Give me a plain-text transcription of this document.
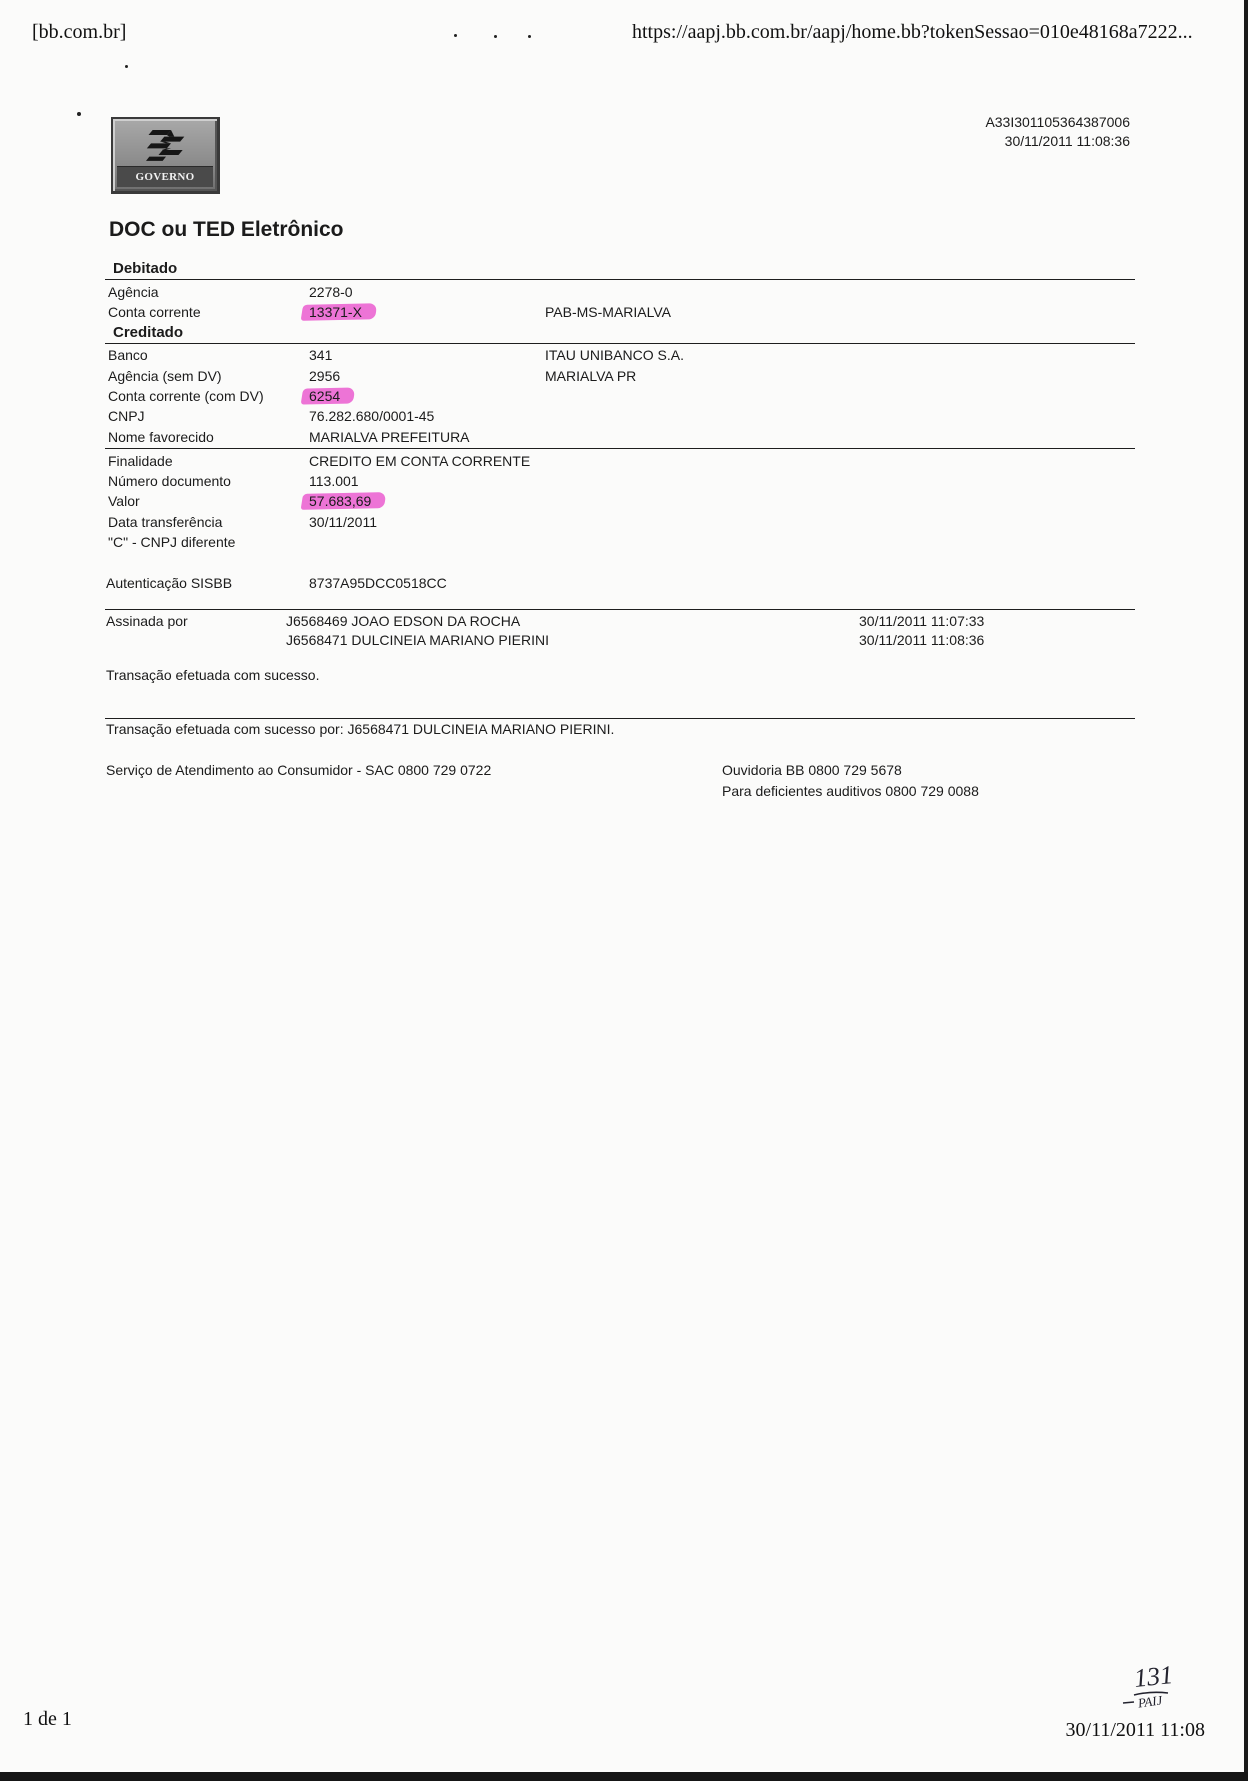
[bb.com.br]	https://aapj.bb.com.br/aapj/home.bb?tokenSessao=010e48168a7222...
GOVERNO
A33I301105364387006
30/11/2011 11:08:36
DOC ou TED Eletrônico
Debitado
Agência	2278-0
Conta corrente	13371-X	PAB-MS-MARIALVA
Creditado
Banco	341	ITAU UNIBANCO S.A.
Agência (sem DV)	2956	MARIALVA PR
Conta corrente (com DV)	6254
CNPJ	76.282.680/0001-45
Nome favorecido	MARIALVA PREFEITURA
Finalidade	CREDITO EM CONTA CORRENTE
Número documento	113.001
Valor	57.683,69
Data transferência	30/11/2011
"C" - CNPJ diferente
Autenticação SISBB	8737A95DCC0518CC
Assinada por	J6568469 JOAO EDSON DA ROCHA	30/11/2011 11:07:33
J6568471 DULCINEIA MARIANO PIERINI	30/11/2011 11:08:36
Transação efetuada com sucesso.
Transação efetuada com sucesso por: J6568471 DULCINEIA MARIANO PIERINI.
Serviço de Atendimento ao Consumidor - SAC 0800 729 0722	Ouvidoria BB 0800 729 5678
Para deficientes auditivos 0800 729 0088
131
PAIJ
1 de 1	30/11/2011 11:08
